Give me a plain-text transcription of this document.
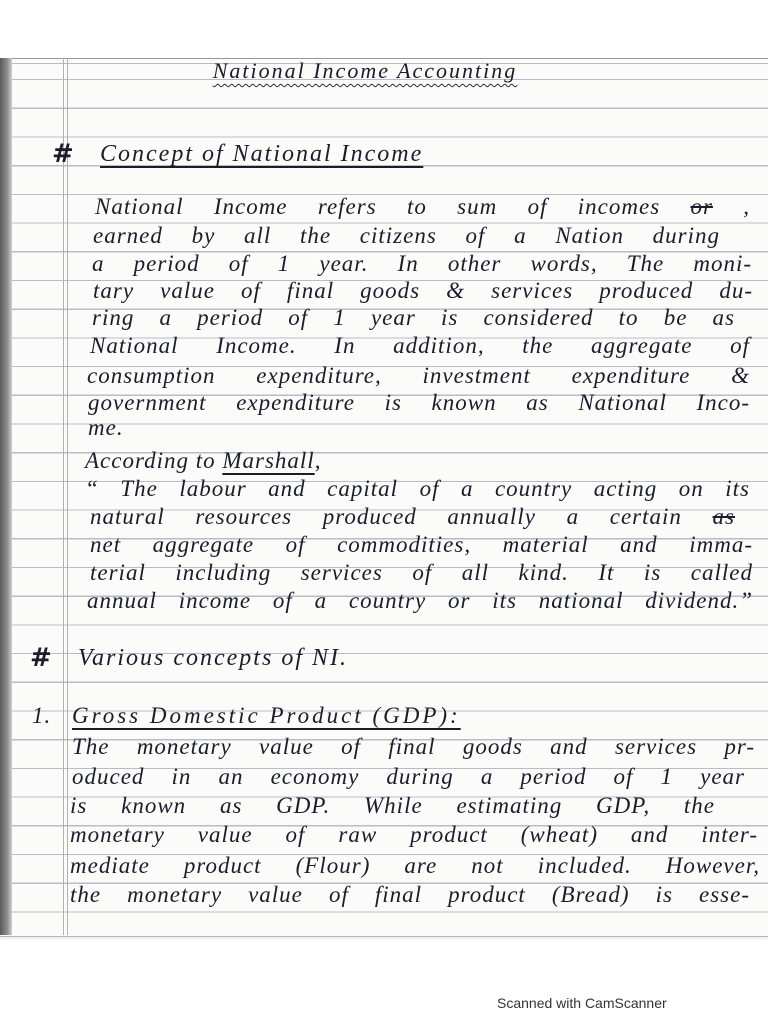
National Income Accounting
# Concept of National Income
National Income refers to sum of incomes or ,
earned by all the citizens of a Nation during
a period of 1 year. In other words, The moni-
tary value of final goods & services produced du-
ring a period of 1 year is considered to be as
National Income. In addition, the aggregate of
consumption expenditure, investment expenditure &
government expenditure is known as National Inco-
me.
According to Marshall,
“ The labour and capital of a country acting on its
natural resources produced annually a certain as
net aggregate of commodities, material and imma-
terial including services of all kind. It is called
annual income of a country or its national dividend.”
# Various concepts of NI.
1. Gross Domestic Product (GDP):
The monetary value of final goods and services pr-
oduced in an economy during a period of 1 year
is known as GDP. While estimating GDP, the
monetary value of raw product (wheat) and inter-
mediate product (Flour) are not included. However,
the monetary value of final product (Bread) is esse-
Scanned with CamScanner
